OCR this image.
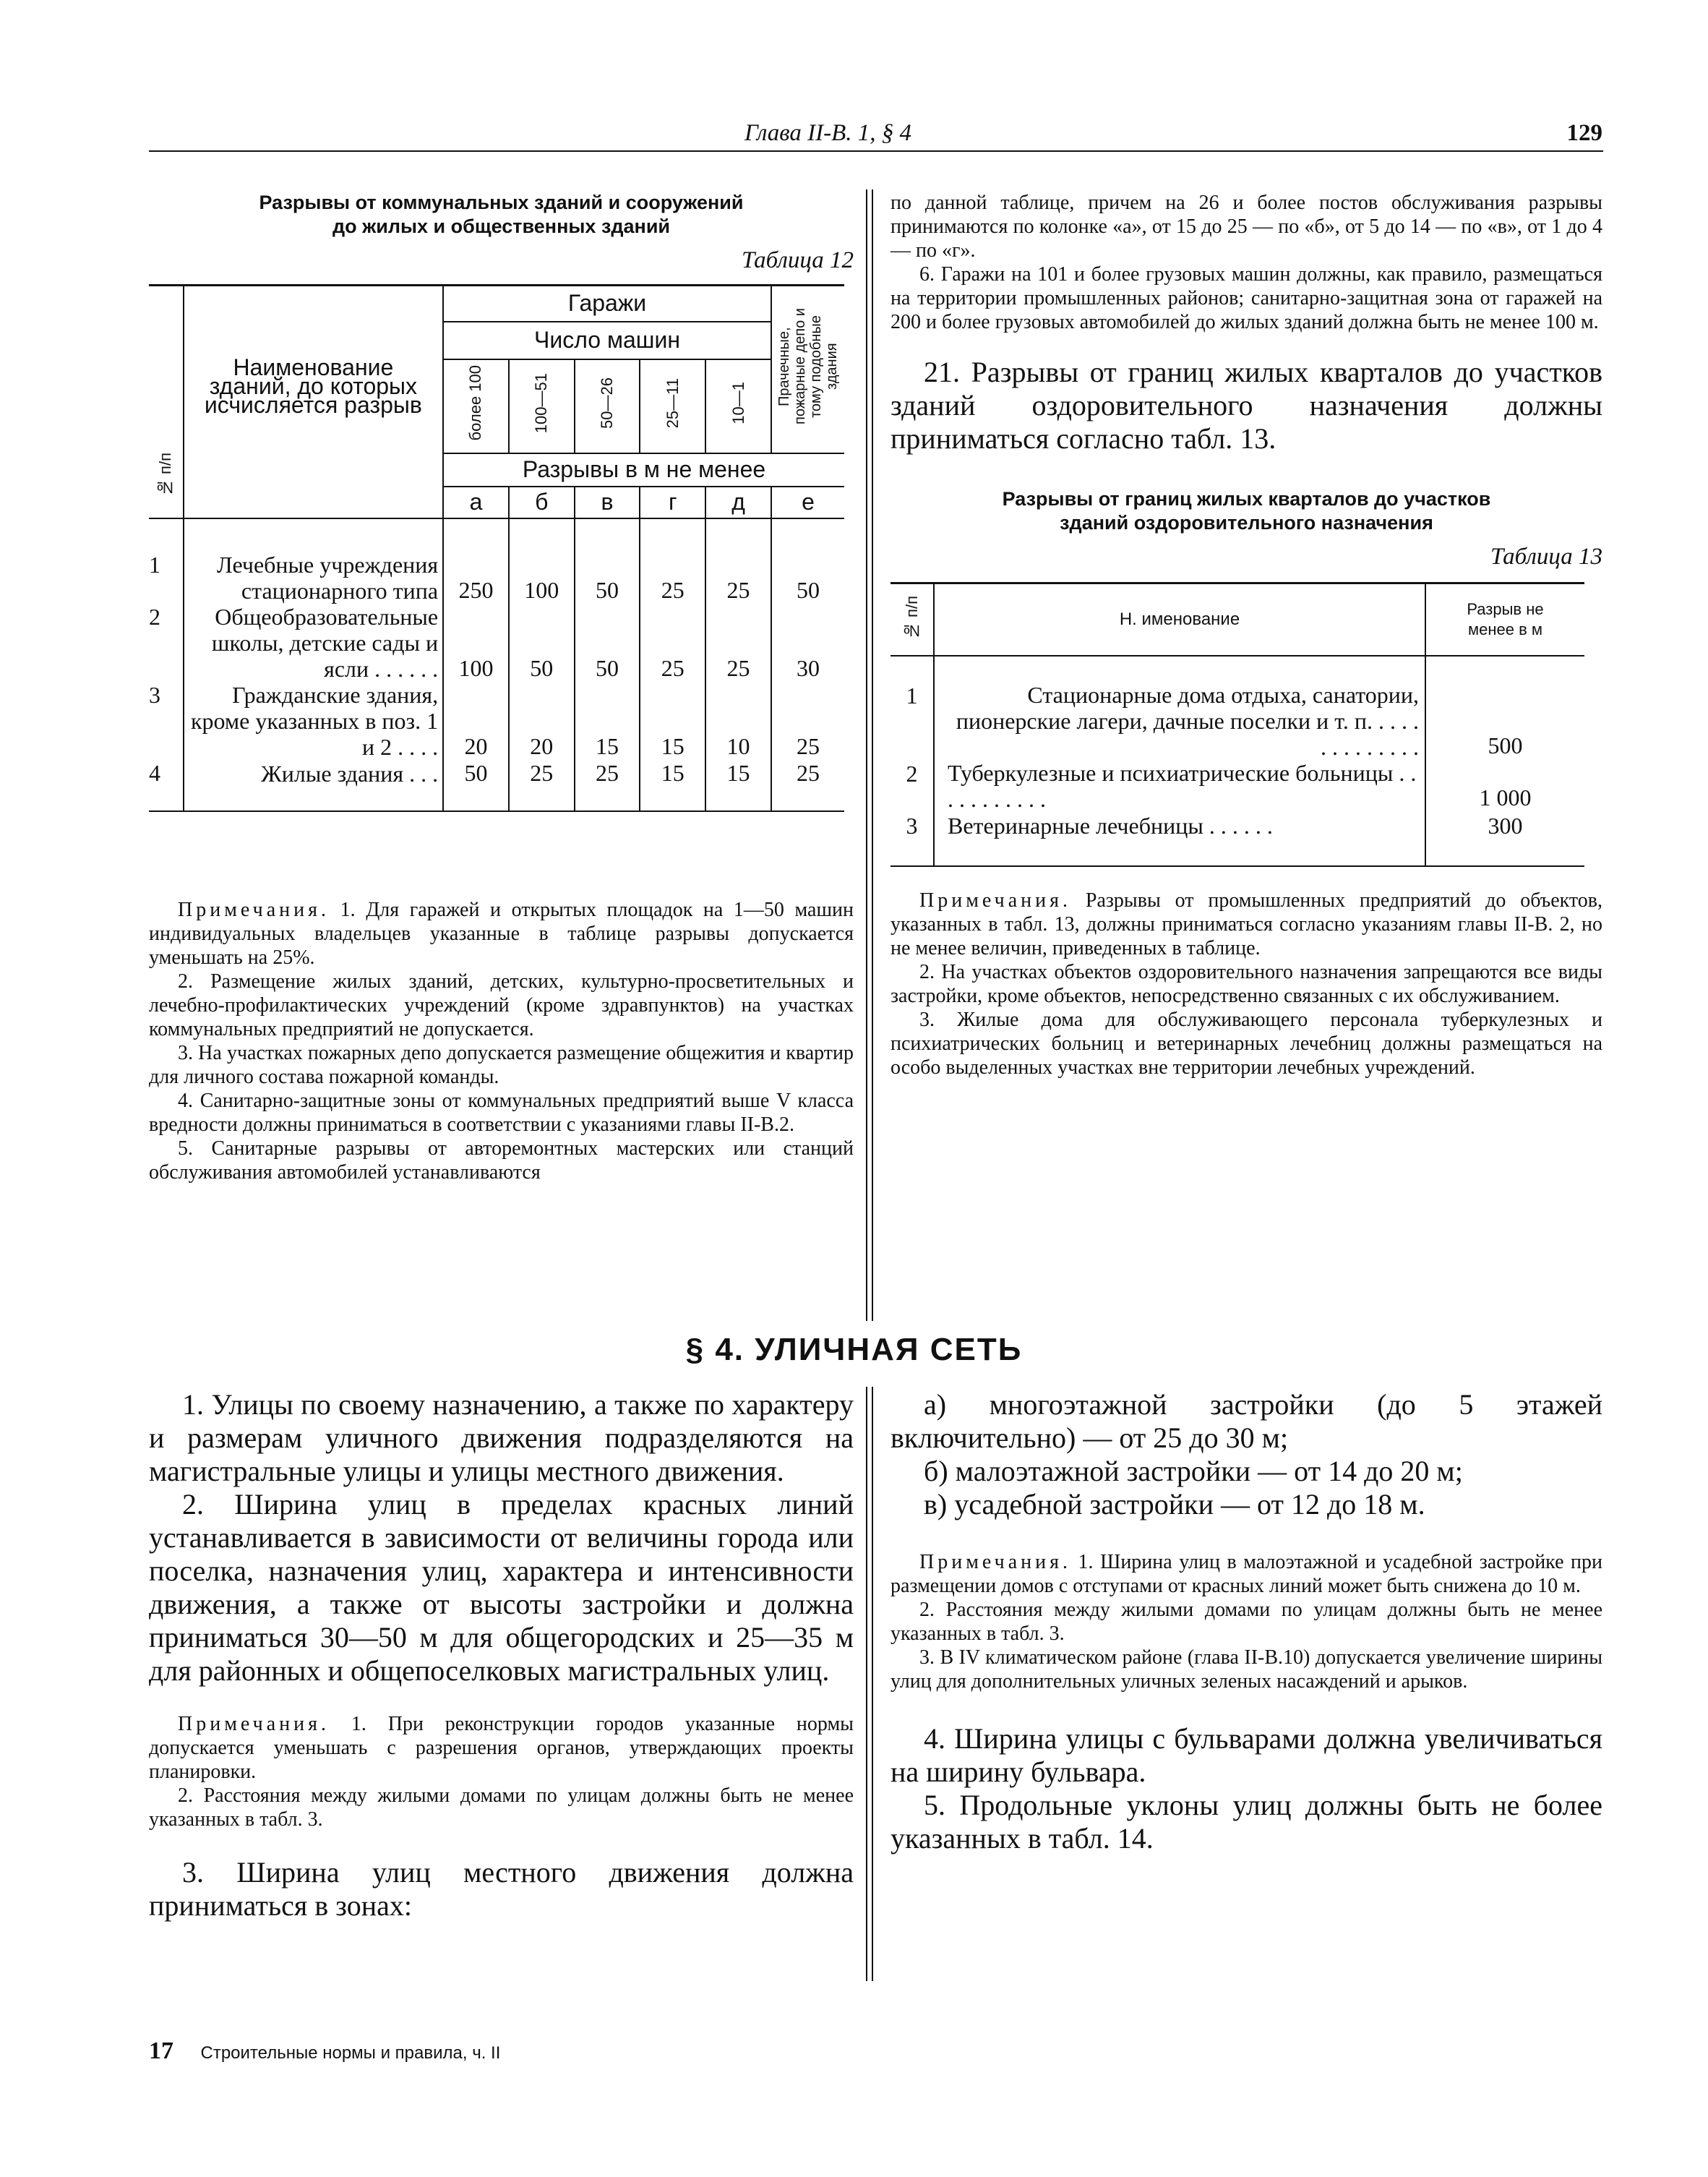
Глава II-В. 1, § 4	129
Разрывы от коммунальных зданий и сооружений
до жилых и общественных зданий
Таблица 12
№ п/п	Наименование зданий, до которых исчисляется разрыв	Гаражи					Прачечные, пожарные депо и тому подобные здания
		Число машин					
		более 100	100—51	50—26	25—11	10—1	
		Разрывы в м не менее					
		а	б	в	г	д	е

1	Лечебные учреждения стационарного типа	250	100	50	25	25	50
2	Общеобразовательные школы, детские сады и ясли . . . . . .	100	50	50	25	25	30
3	Гражданские здания, кроме указанных в поз. 1 и 2 . . . .	20	20	15	15	10	25
4	Жилые здания . . .	50	25	25	15	15	25

Примечания. 1. Для гаражей и открытых площадок на 1—50 машин индивидуальных владельцев указанные в таблице разрывы допускается уменьшать на 25%.

2. Размещение жилых зданий, детских, культурно-просветительных и лечебно-профилактических учреждений (кроме здравпунктов) на участках коммунальных предприятий не допускается.

3. На участках пожарных депо допускается размещение общежития и квартир для личного состава пожарной команды.

4. Санитарно-защитные зоны от коммунальных предприятий выше V класса вредности должны приниматься в соответствии с указаниями главы II-В.2.

5. Санитарные разрывы от авторемонтных мастерских или станций обслуживания автомобилей устанавливаются

по данной таблице, причем на 26 и более постов обслуживания разрывы принимаются по колонке «а», от 15 до 25 — по «б», от 5 до 14 — по «в», от 1 до 4 — по «г».

6. Гаражи на 101 и более грузовых машин должны, как правило, размещаться на территории промышленных районов; санитарно-защитная зона от гаражей на 200 и более грузовых автомобилей до жилых зданий должна быть не менее 100 м.

21. Разрывы от границ жилых кварталов до участков зданий оздоровительного назначения должны приниматься согласно табл. 13.

Разрывы от границ жилых кварталов до участков
зданий оздоровительного назначения
Таблица 13
№ п/п	Н. именование	Разрыв не менее в м

1	Стационарные дома отдыха, санатории, пионерские лагери, дачные поселки и т. п. . . . . . . . . . . . . .	500
2	Туберкулезные и психиатрические больницы . . . . . . . . . . .	1 000
3	Ветеринарные лечебницы . . . . . .	300

Примечания. Разрывы от промышленных предприятий до объектов, указанных в табл. 13, должны приниматься согласно указаниям главы II-В. 2, но не менее величин, приведенных в таблице.

2. На участках объектов оздоровительного назначения запрещаются все виды застройки, кроме объектов, непосредственно связанных с их обслуживанием.

3. Жилые дома для обслуживающего персонала туберкулезных и психиатрических больниц и ветеринарных лечебниц должны размещаться на особо выделенных участках вне территории лечебных учреждений.

§ 4. УЛИЧНАЯ СЕТЬ

1. Улицы по своему назначению, а также по характеру и размерам уличного движения подразделяются на магистральные улицы и улицы местного движения.

2. Ширина улиц в пределах красных линий устанавливается в зависимости от величины города или поселка, назначения улиц, характера и интенсивности движения, а также от высоты застройки и должна приниматься 30—50 м для общегородских и 25—35 м для районных и общепоселковых магистральных улиц.

Примечания. 1. При реконструкции городов указанные нормы допускается уменьшать с разрешения органов, утверждающих проекты планировки.

2. Расстояния между жилыми домами по улицам должны быть не менее указанных в табл. 3.

3. Ширина улиц местного движения должна приниматься в зонах:

а) многоэтажной застройки (до 5 этажей включительно) — от 25 до 30 м;

б) малоэтажной застройки — от 14 до 20 м;

в) усадебной застройки — от 12 до 18 м.

Примечания. 1. Ширина улиц в малоэтажной и усадебной застройке при размещении домов с отступами от красных линий может быть снижена до 10 м.

2. Расстояния между жилыми домами по улицам должны быть не менее указанных в табл. 3.

3. В IV климатическом районе (глава II-В.10) допускается увеличение ширины улиц для дополнительных уличных зеленых насаждений и арыков.

4. Ширина улицы с бульварами должна увеличиваться на ширину бульвара.

5. Продольные уклоны улиц должны быть не более указанных в табл. 14.

17 Строительные нормы и правила, ч. II
